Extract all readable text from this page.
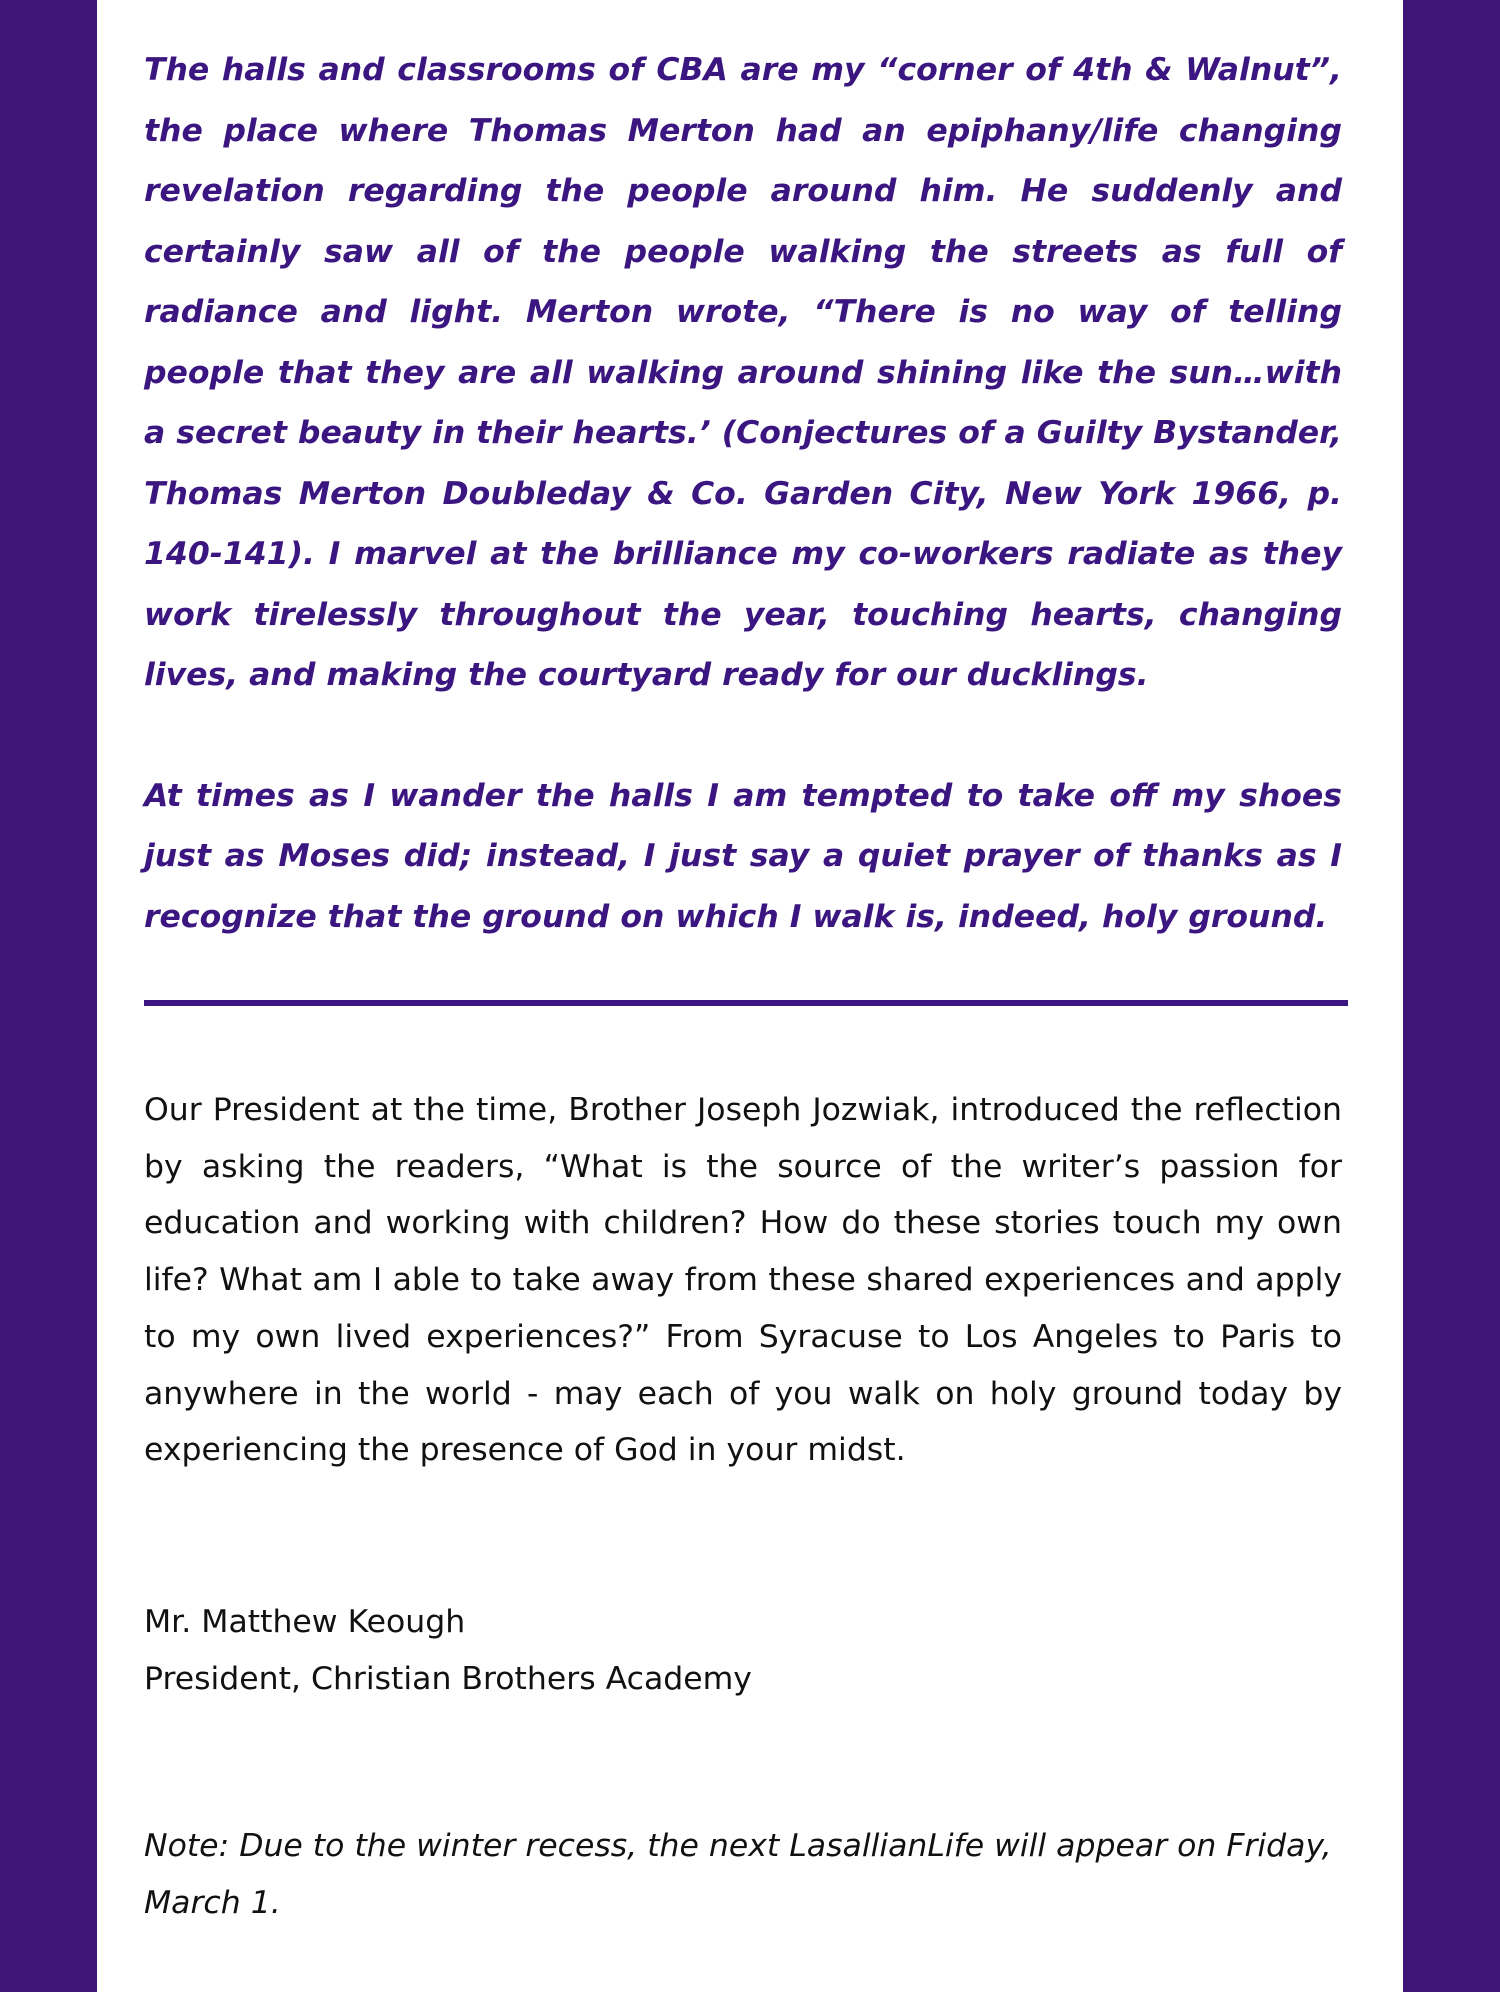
The halls and classrooms of CBA are my “corner of 4th & Walnut”, the place where Thomas Merton had an epiphany/life changing revelation regarding the people around him. He suddenly and certainly saw all of the people walking the streets as full of radiance and light. Merton wrote, “There is no way of telling people that they are all walking around shining like the sun…with a secret beauty in their hearts.’ (Conjectures of a Guilty Bystander, Thomas Merton Doubleday & Co. Garden City, New York 1966, p. 140-141). I marvel at the brilliance my co-workers radiate as they work tirelessly throughout the year, touching hearts, changing lives, and making the courtyard ready for our ducklings.

At times as I wander the halls I am tempted to take off my shoes just as Moses did; instead, I just say a quiet prayer of thanks as I recognize that the ground on which I walk is, indeed, holy ground.

Our President at the time, Brother Joseph Jozwiak, introduced the reflection by asking the readers, “What is the source of the writer’s passion for education and working with children? How do these stories touch my own life? What am I able to take away from these shared experiences and apply to my own lived experiences?” From Syracuse to Los Angeles to Paris to anywhere in the world - may each of you walk on holy ground today by experiencing the presence of God in your midst.

Mr. Matthew Keough
President, Christian Brothers Academy

Note: Due to the winter recess, the next LasallianLife will appear on Friday, March 1.
